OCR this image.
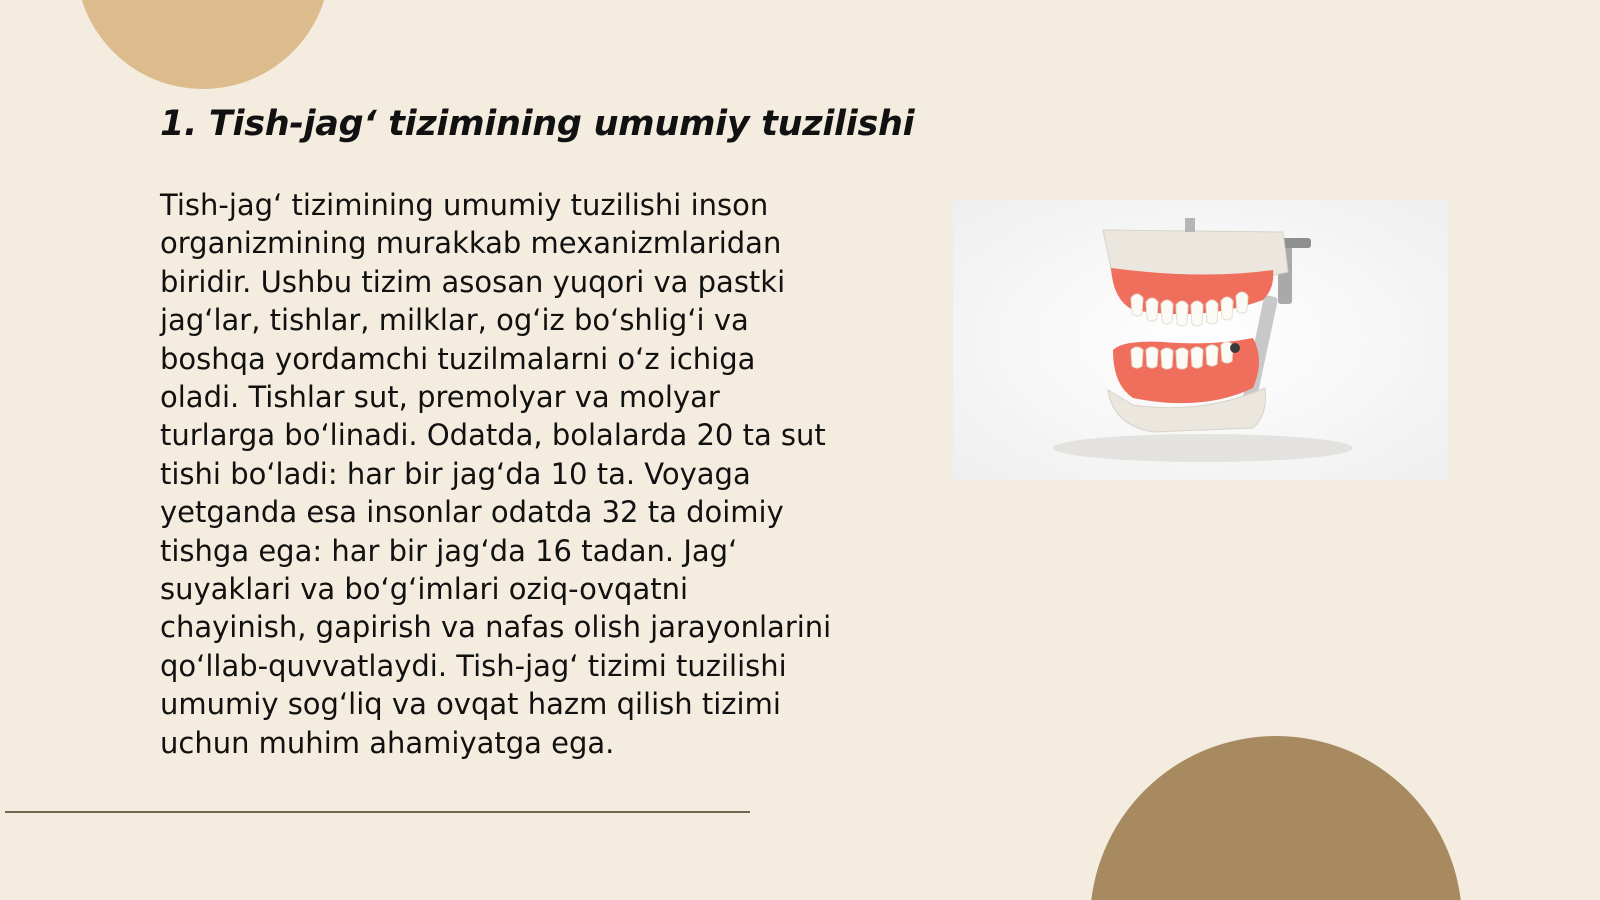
1. Tish-jag‘ tizimining umumiy tuzilishi

Tish-jag‘ tizimining umumiy tuzilishi inson organizmining murakkab mexanizmlaridan biridir. Ushbu tizim asosan yuqori va pastki jag‘lar, tishlar, milklar, og‘iz bo‘shlig‘i va boshqa yordamchi tuzilmalarni o‘z ichiga oladi. Tishlar sut, premolyar va molyar turlarga bo‘linadi. Odatda, bolalarda 20 ta sut tishi bo‘ladi: har bir jag‘da 10 ta. Voyaga yetganda esa insonlar odatda 32 ta doimiy tishga ega: har bir jag‘da 16 tadan. Jag‘ suyaklari va bo‘g‘imlari oziq-ovqatni chayinish, gapirish va nafas olish jarayonlarini qo‘llab-quvvatlaydi. Tish-jag‘ tizimi tuzilishi umumiy sog‘liq va ovqat hazm qilish tizimi uchun muhim ahamiyatga ega.
